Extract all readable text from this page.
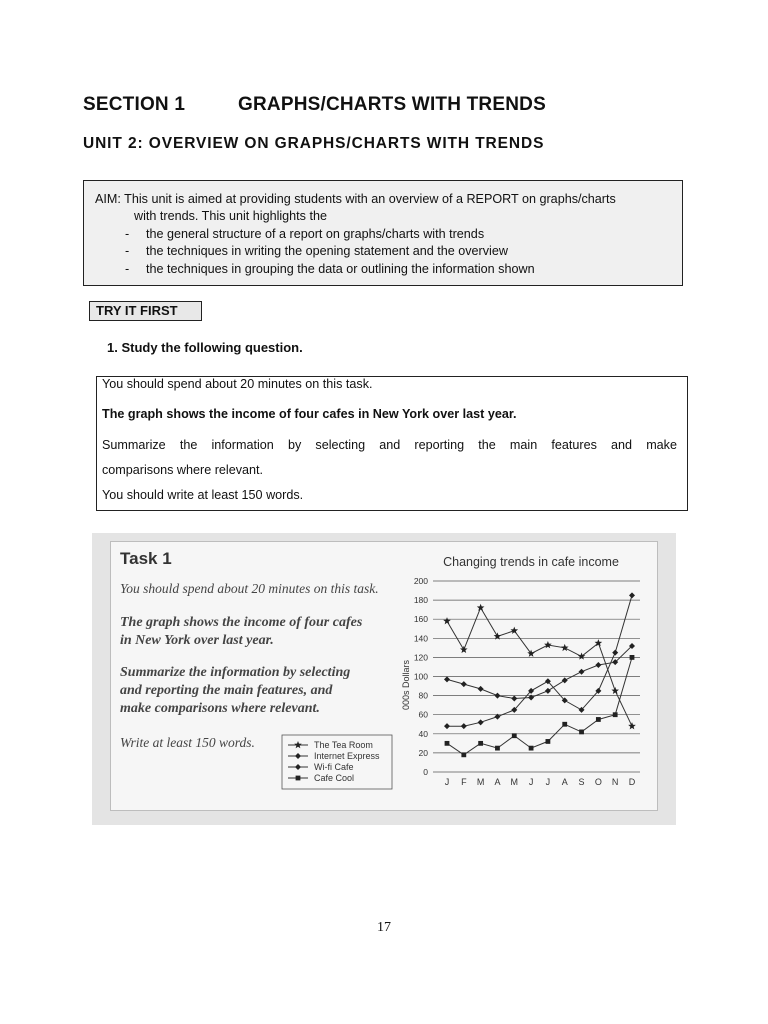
SECTION 1	GRAPHS/CHARTS WITH TRENDS
UNIT 2: OVERVIEW ON GRAPHS/CHARTS WITH TRENDS
AIM: This unit is aimed at providing students with an overview of a REPORT on graphs/charts
with trends. This unit highlights the
- the general structure of a report on graphs/charts with trends
- the techniques in writing the opening statement and the overview
- the techniques in grouping the data or outlining the information shown
TRY IT FIRST
1. Study the following question.
You should spend about 20 minutes on this task.
The graph shows the income of four cafes in New York over last year.
Summarize the information by selecting and reporting the main features and make
comparisons where relevant.
You should write at least 150 words.
Task 1
You should spend about 20 minutes on this task.
The graph shows the income of four cafes
in New York over last year.
Summarize the information by selecting
and reporting the main features, and
make comparisons where relevant.
Write at least 150 words.
Changing trends in cafe income
000s Dollars
0
20
40
60
80
100
120
140
160
180
200
J F M A M J J A S O N D
The Tea Room
Internet Express
Wi-fi Cafe
Cafe Cool
17
